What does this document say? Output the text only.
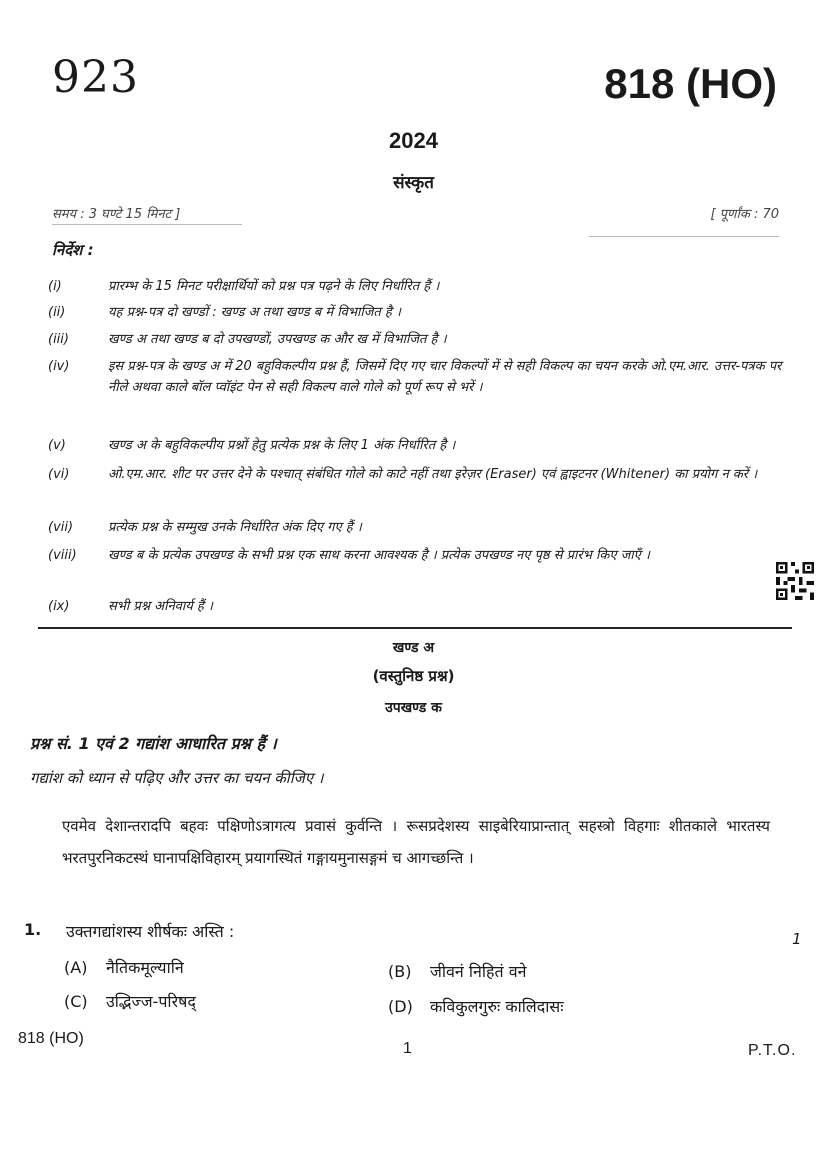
923	818 (HO)
2024
संस्कृत
समय : 3 घण्टे 15 मिनट ]	[ पूर्णांक : 70
निर्देश :
(i)	प्रारम्भ के 15 मिनट परीक्षार्थियों को प्रश्न पत्र पढ़ने के लिए निर्धारित हैं ।
(ii)	यह प्रश्न-पत्र दो खण्डों : खण्ड अ तथा खण्ड ब में विभाजित है ।
(iii)	खण्ड अ तथा खण्ड ब दो उपखण्डों, उपखण्ड क और ख में विभाजित है ।
(iv)	इस प्रश्न-पत्र के खण्ड अ में 20 बहुविकल्पीय प्रश्न हैं, जिसमें दिए गए चार विकल्पों में से सही विकल्प का चयन करके ओ.एम.आर. उत्तर-पत्रक पर नीले अथवा काले बॉल प्वॉइंट पेन से सही विकल्प वाले गोले को पूर्ण रूप से भरें ।
(v)	खण्ड अ के बहुविकल्पीय प्रश्नों हेतु प्रत्येक प्रश्न के लिए 1 अंक निर्धारित है ।
(vi)	ओ.एम.आर. शीट पर उत्तर देने के पश्चात् संबंधित गोले को काटे नहीं तथा इरेज़र (Eraser) एवं ह्वाइटनर (Whitener) का प्रयोग न करें ।
(vii)	प्रत्येक प्रश्न के सम्मुख उनके निर्धारित अंक दिए गए हैं ।
(viii)	खण्ड ब के प्रत्येक उपखण्ड के सभी प्रश्न एक साथ करना आवश्यक है । प्रत्येक उपखण्ड नए पृष्ठ से प्रारंभ किए जाएँ ।
(ix)	सभी प्रश्न अनिवार्य हैं ।
खण्ड अ
(वस्तुनिष्ठ प्रश्न)
उपखण्ड क
प्रश्न सं. 1 एवं 2 गद्यांश आधारित प्रश्न हैं ।
गद्यांश को ध्यान से पढ़िए और उत्तर का चयन कीजिए ।
एवमेव देशान्तरादपि बहवः पक्षिणोऽत्रागत्य प्रवासं कुर्वन्ति । रूसप्रदेशस्य साइबेरियाप्रान्तात् सहस्त्रो विहगाः शीतकाले भारतस्य भरतपुरनिकटस्थं घानापक्षिविहारम् प्रयागस्थितं गङ्गायमुनासङ्गमं च आगच्छन्ति ।
1. उक्तगद्यांशस्य शीर्षकः अस्ति :	1
(A) नैतिकमूल्यानि	(B) जीवनं निहितं वने
(C) उद्भिज्ज-परिषद्	(D) कविकुलगुरुः कालिदासः
818 (HO)
1	P.T.O.
